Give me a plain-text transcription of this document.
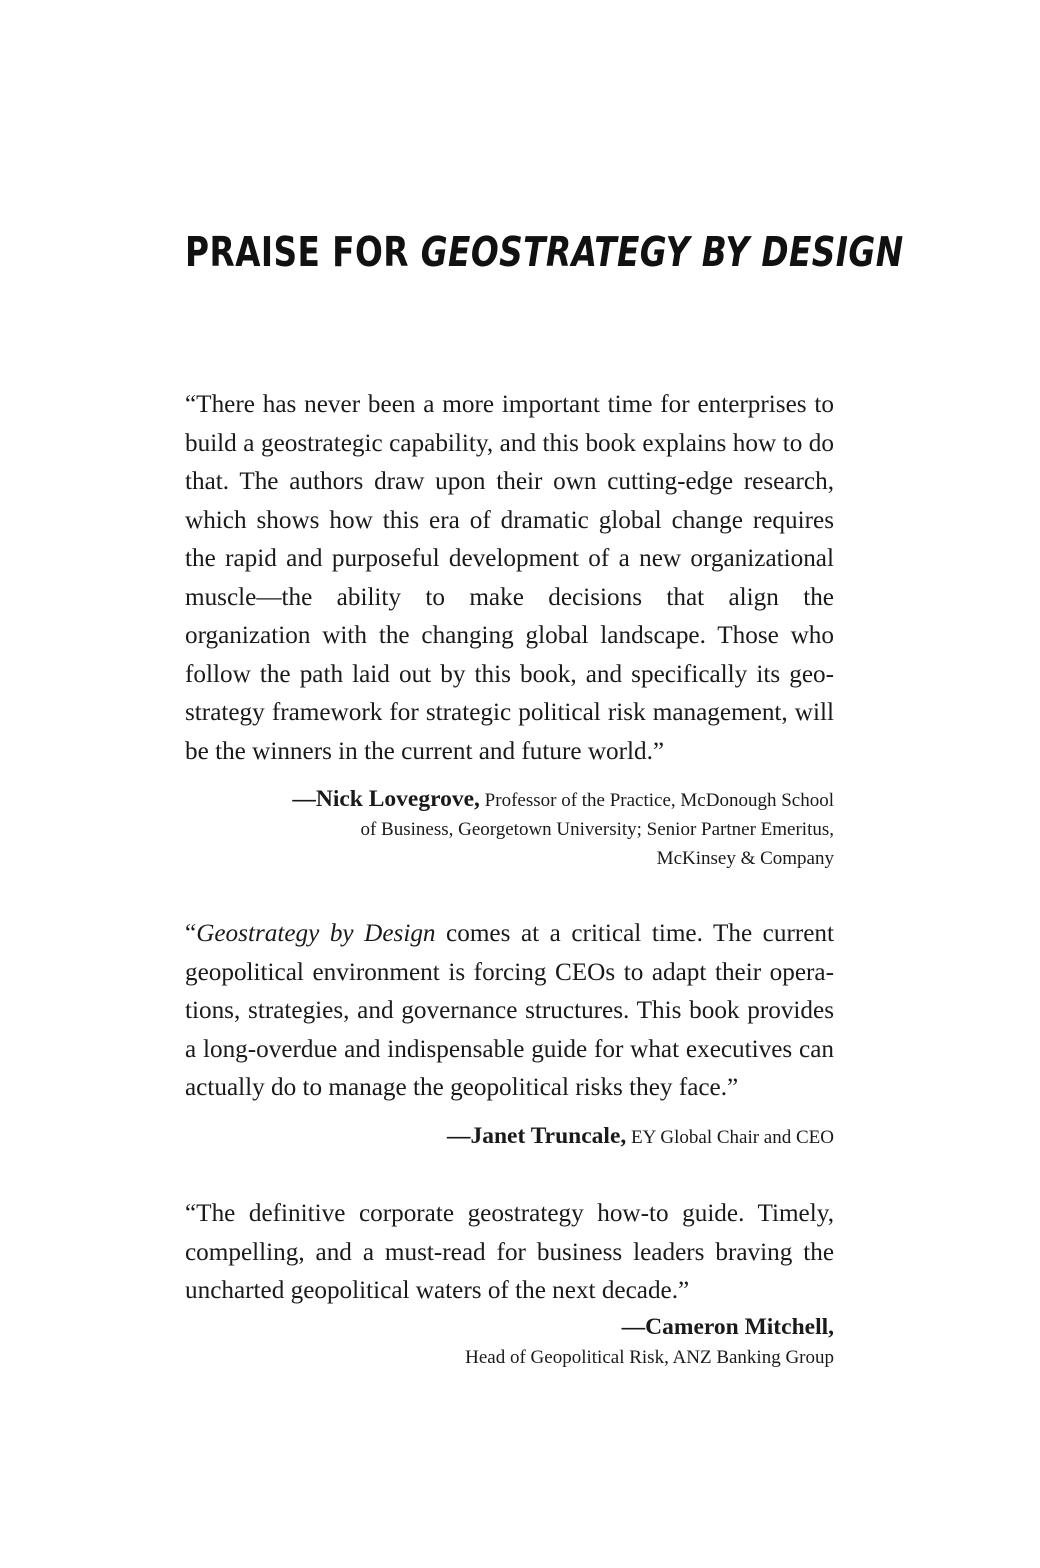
PRAISE FOR GEOSTRATEGY BY DESIGN

“There has never been a more important time for enterprises to build a geostrategic capability, and this book explains how to do that. The authors draw upon their own cutting-edge research, which shows how this era of dramatic global change requires the rapid and purposeful development of a new organizational muscle—the ability to make decisions that align the organization with the changing global landscape. Those who follow the path laid out by this book, and specifically its geostrategy framework for strategic political risk management, will be the winners in the current and future world.”

—Nick Lovegrove, Professor of the Practice, McDonough School
of Business, Georgetown University; Senior Partner Emeritus,
McKinsey & Company

“Geostrategy by Design comes at a critical time. The current geopolitical environment is forcing CEOs to adapt their operations, strategies, and governance structures. This book provides a long-overdue and indispensable guide for what executives can actually do to manage the geopolitical risks they face.”

—Janet Truncale, EY Global Chair and CEO

“The definitive corporate geostrategy how-to guide. Timely, compelling, and a must-read for business leaders braving the uncharted geopolitical waters of the next decade.”

—Cameron Mitchell,
Head of Geopolitical Risk, ANZ Banking Group
